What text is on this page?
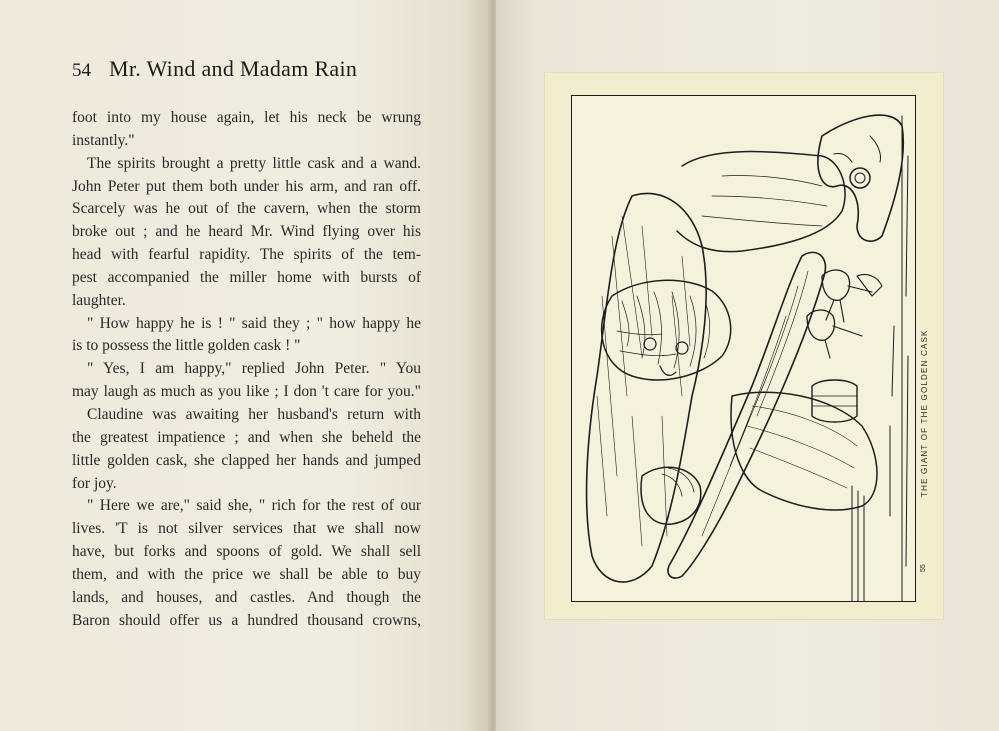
54 Mr. Wind and Madam Rain
foot into my house again, let his neck be wrung
instantly."
The spirits brought a pretty little cask and a wand.
John Peter put them both under his arm, and ran off.
Scarcely was he out of the cavern, when the storm
broke out ; and he heard Mr. Wind flying over his
head with fearful rapidity. The spirits of the tem-
pest accompanied the miller home with bursts of
laughter.
" How happy he is ! " said they ; " how happy he
is to possess the little golden cask ! "
" Yes, I am happy," replied John Peter. " You
may laugh as much as you like ; I don 't care for you."
Claudine was awaiting her husband's return with
the greatest impatience ; and when she beheld the
little golden cask, she clapped her hands and jumped
for joy.
" Here we are," said she, " rich for the rest of our
lives. 'T is not silver services that we shall now
have, but forks and spoons of gold. We shall sell
them, and with the price we shall be able to buy
lands, and houses, and castles. And though the
Baron should offer us a hundred thousand crowns,
THE GIANT OF THE GOLDEN CASK
55
